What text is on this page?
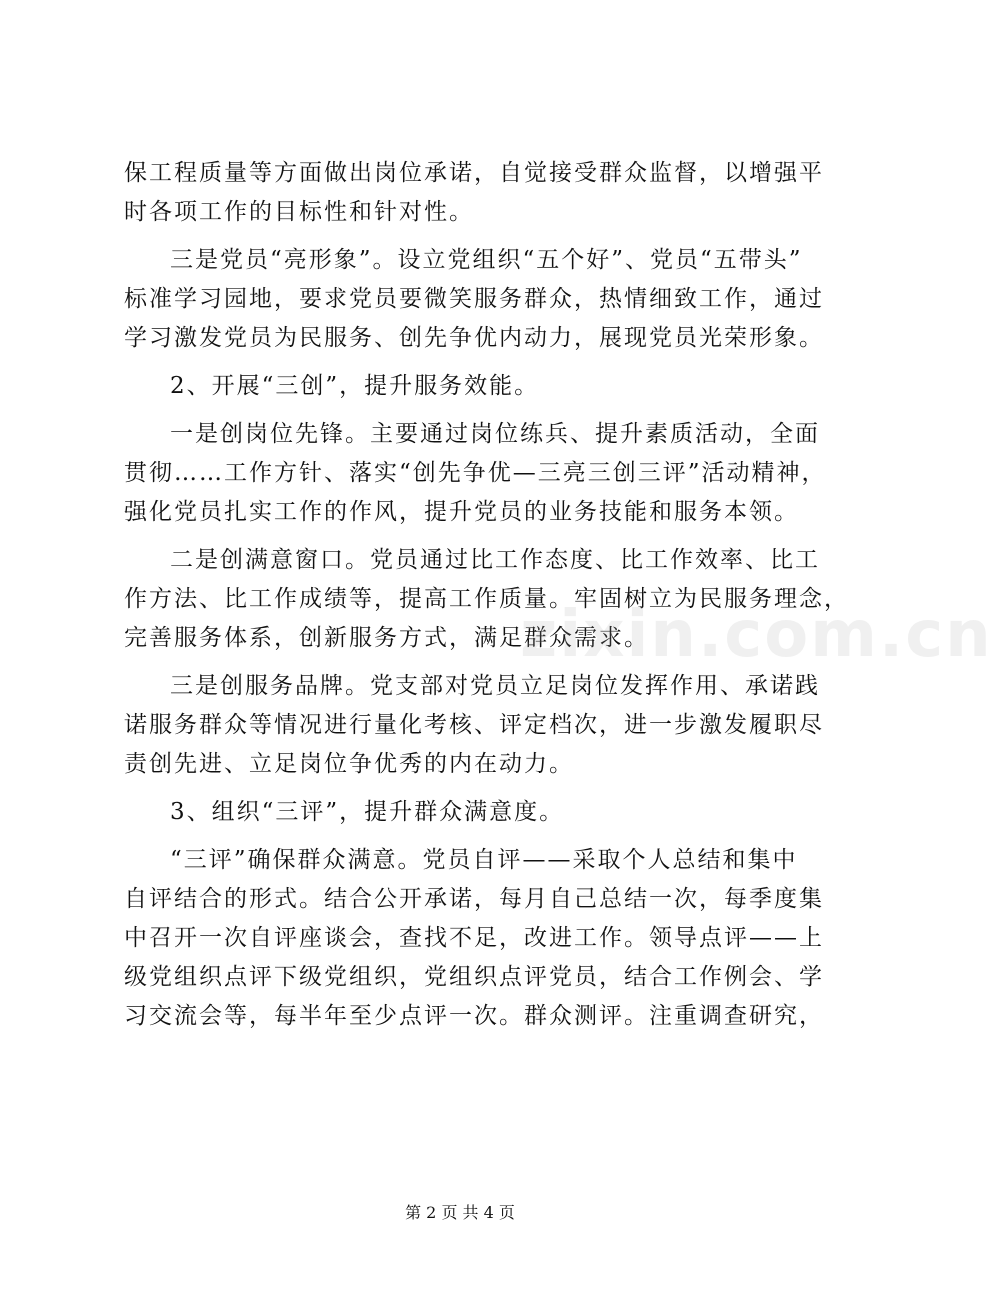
保工程质量等方面做出岗位承诺，自觉接受群众监督，以增强平
时各项工作的目标性和针对性。
三是党员“亮形象”。设立党组织“五个好”、党员“五带头”
标准学习园地，要求党员要微笑服务群众，热情细致工作，通过
学习激发党员为民服务、创先争优内动力，展现党员光荣形象。
2、开展“三创”，提升服务效能。
一是创岗位先锋。主要通过岗位练兵、提升素质活动，全面
贯彻……工作方针、落实“创先争优—三亮三创三评”活动精神，
强化党员扎实工作的作风，提升党员的业务技能和服务本领。
二是创满意窗口。党员通过比工作态度、比工作效率、比工
作方法、比工作成绩等，提高工作质量。牢固树立为民服务理念，
完善服务体系，创新服务方式，满足群众需求。
三是创服务品牌。党支部对党员立足岗位发挥作用、承诺践
诺服务群众等情况进行量化考核、评定档次，进一步激发履职尽
责创先进、立足岗位争优秀的内在动力。
3、组织“三评”，提升群众满意度。
“三评”确保群众满意。党员自评——采取个人总结和集中
自评结合的形式。结合公开承诺，每月自己总结一次，每季度集
中召开一次自评座谈会，查找不足，改进工作。领导点评——上
级党组织点评下级党组织，党组织点评党员，结合工作例会、学
习交流会等，每半年至少点评一次。群众测评。注重调查研究，
zixin.com.cn
第 2 页 共 4 页
